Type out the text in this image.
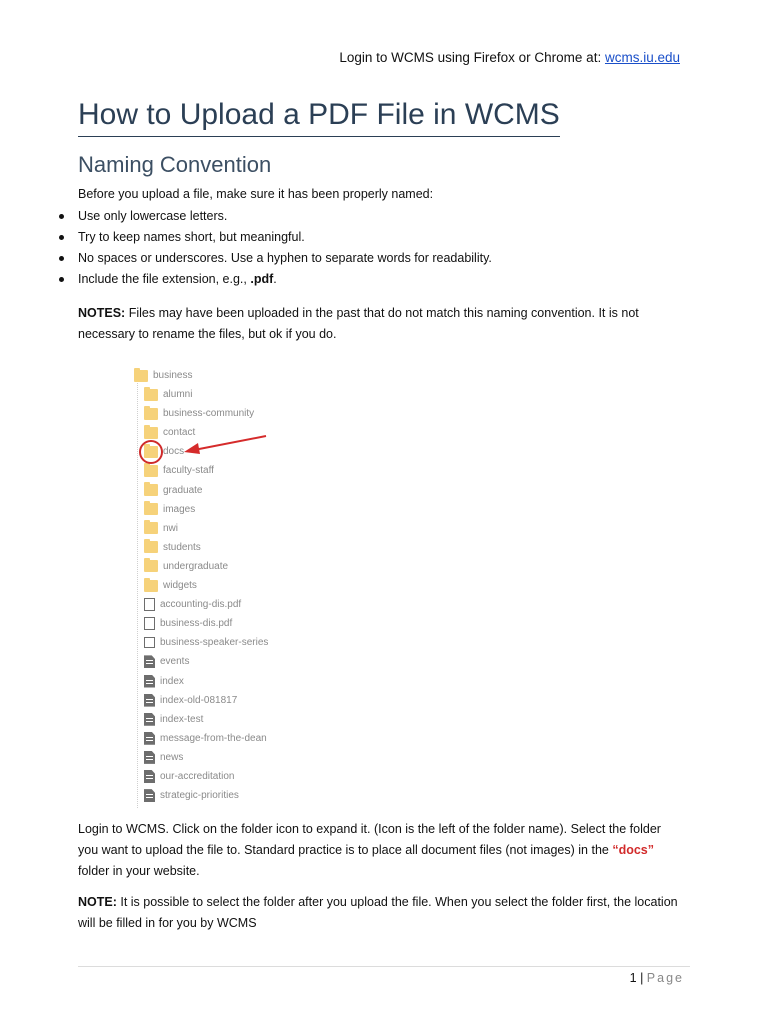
Login to WCMS using Firefox or Chrome at: wcms.iu.edu
How to Upload a PDF File in WCMS
Naming Convention
Before you upload a file, make sure it has been properly named:
Use only lowercase letters.
Try to keep names short, but meaningful.
No spaces or underscores. Use a hyphen to separate words for readability.
Include the file extension, e.g., .pdf.

NOTES: Files may have been uploaded in the past that do not match this naming convention. It is not necessary to rename the files, but ok if you do.

business
alumni
business-community
contact
docs
faculty-staff
graduate
images
nwi
students
undergraduate
widgets
accounting-dis.pdf
business-dis.pdf
business-speaker-series
events
index
index-old-081817
index-test
message-from-the-dean
news
our-accreditation
strategic-priorities

Login to WCMS. Click on the folder icon to expand it. (Icon is the left of the folder name). Select the folder you want to upload the file to. Standard practice is to place all document files (not images) in the “docs” folder in your website.

NOTE: It is possible to select the folder after you upload the file. When you select the folder first, the location will be filled in for you by WCMS

1 | Page
